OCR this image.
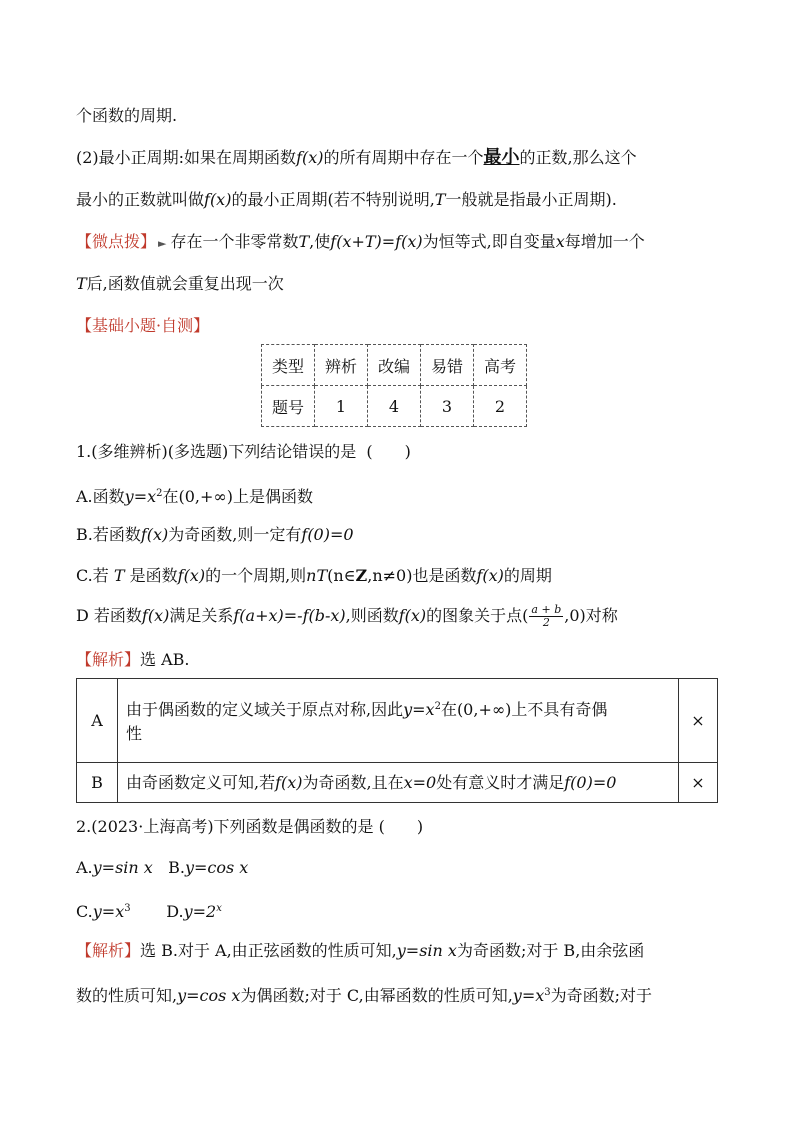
个函数的周期.
(2)最小正周期:如果在周期函数f(x)的所有周期中存在一个最小的正数,那么这个
最小的正数就叫做f(x)的最小正周期(若不特别说明,T一般就是指最小正周期).
【微点拨】 ► 存在一个非零常数T,使f(x+T)=f(x)为恒等式,即自变量x每增加一个
T后,函数值就会重复出现一次
【基础小题·自测】
类型	辨析	改编	易错	高考
题号	1	4	3	2
1.(多维辨析)(多选题)下列结论错误的是 (　　)
A.函数$y=x^2$在(0,+∞)上是偶函数
B.若函数f(x)为奇函数,则一定有f(0)=0
C.若 T 是函数f(x)的一个周期,则nT(n∈Z,n≠0)也是函数f(x)的周期
D 若函数f(x)满足关系f(a+x)=-f(b-x),则函数f(x)的图象关于点( $\frac{a + b}{2} ,0$)对称
【解析】选 AB.
A	由于偶函数的定义域关于原点对称,因此$y=x^2$在(0,+∞)上不具有奇偶
性	×
B	由奇函数定义可知,若f(x)为奇函数,且在x=0处有意义时才满足f(0)=0	×
2.(2023·上海高考)下列函数是偶函数的是 (　　)
A.y=sin x B.y=cos x
$C.y=x^3$ $D.y=2^x$
【解析】选 B.对于 A,由正弦函数的性质可知,y=sin x为奇函数;对于 B,由余弦函
数的性质可知,y=cos x为偶函数;对于 C,由幂函数的性质可知$,y=x^3$为奇函数;对于
